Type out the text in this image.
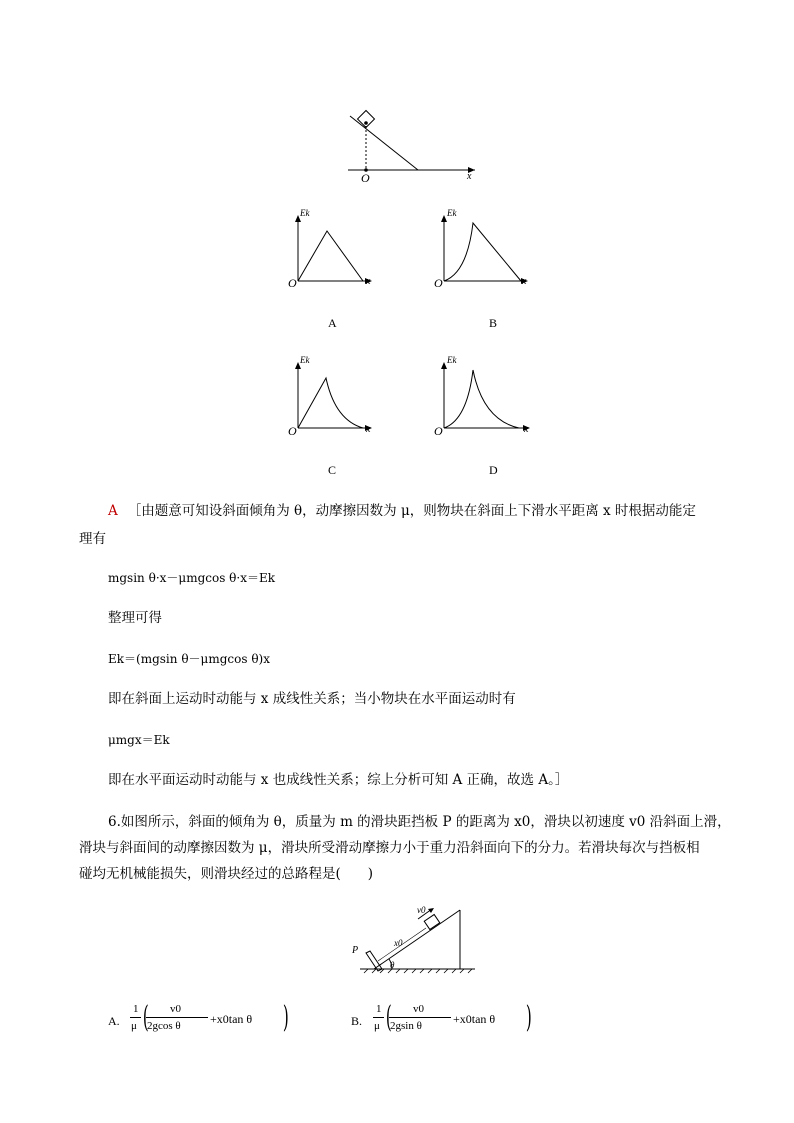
O	x
Ek
O	x
A
Ek
O	x
B
Ek
O	x
C
Ek
O	x
D
A ［由题意可知设斜面倾角为 θ，动摩擦因数为 μ，则物块在斜面上下滑水平距离 x 时根据动能定
理有
mgsin θ·x－μmgcos θ·x＝Ek
整理可得
Ek＝(mgsin θ－μmgcos θ)x
即在斜面上运动时动能与 x 成线性关系；当小物块在水平面运动时有
μmgx＝Ek
即在水平面运动时动能与 x 也成线性关系；综上分析可知 A 正确，故选 A。］
6.如图所示，斜面的倾角为 θ，质量为 m 的滑块距挡板 P 的距离为 x0，滑块以初速度 v0 沿斜面上滑，
滑块与斜面间的动摩擦因数为 μ，滑块所受滑动摩擦力小于重力沿斜面向下的分力。若滑块每次与挡板相
碰均无机械能损失，则滑块经过的总路程是(　　)
v0
x0
P
θ
A.
1
μ ( v0
2gcos θ +x0tan θ )	B.
1
μ ( v0
2gsin θ	+x0tan θ )
